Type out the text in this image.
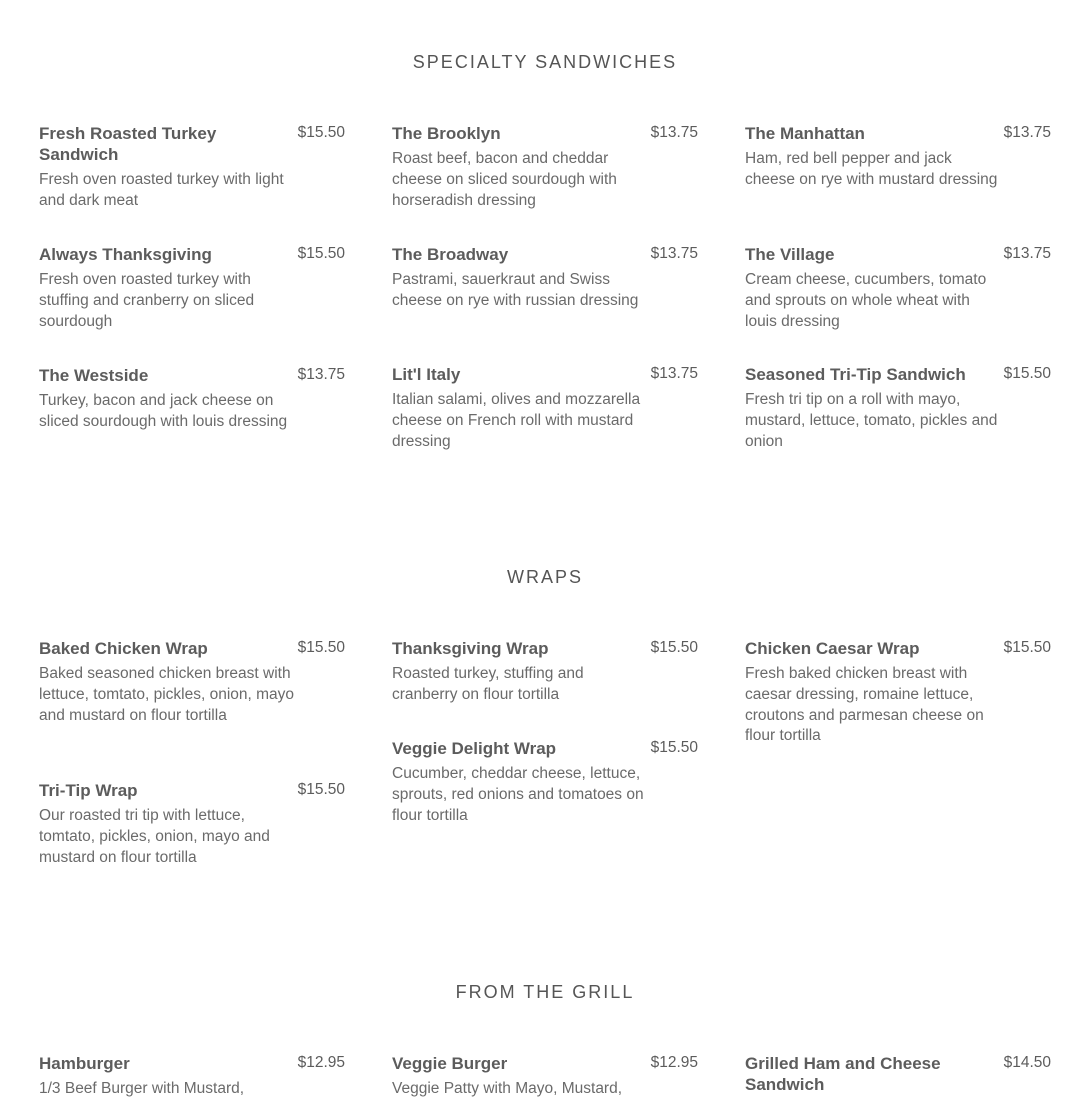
SPECIALTY SANDWICHES
Fresh Roasted Turkey Sandwich
$15.50
Fresh oven roasted turkey with light and dark meat
Always Thanksgiving	$15.50
Fresh oven roasted turkey with stuffing and cranberry on sliced sourdough
The Westside	$13.75
Turkey, bacon and jack cheese on sliced sourdough with louis dressing
The Brooklyn	$13.75
Roast beef, bacon and cheddar cheese on sliced sourdough with horseradish dressing
The Broadway	$13.75
Pastrami, sauerkraut and Swiss cheese on rye with russian dressing
Lit'l Italy	$13.75
Italian salami, olives and mozzarella cheese on French roll with mustard dressing
The Manhattan	$13.75
Ham, red bell pepper and jack cheese on rye with mustard dressing
The Village	$13.75
Cream cheese, cucumbers, tomato and sprouts on whole wheat with louis dressing
Seasoned Tri-Tip Sandwich	$15.50
Fresh tri tip on a roll with mayo, mustard, lettuce, tomato, pickles and onion
WRAPS
Baked Chicken Wrap	$15.50
Baked seasoned chicken breast with lettuce, tomtato, pickles, onion, mayo and mustard on flour tortilla
Tri-Tip Wrap	$15.50
Our roasted tri tip with lettuce, tomtato, pickles, onion, mayo and mustard on flour tortilla
Thanksgiving Wrap	$15.50
Roasted turkey, stuffing and cranberry on flour tortilla
Veggie Delight Wrap	$15.50
Cucumber, cheddar cheese, lettuce, sprouts, red onions and tomatoes on flour tortilla
Chicken Caesar Wrap	$15.50
Fresh baked chicken breast with caesar dressing, romaine lettuce, croutons and parmesan cheese on flour tortilla
FROM THE GRILL
Hamburger	$12.95
1/3 Beef Burger with Mustard,
Veggie Burger	$12.95
Veggie Patty with Mayo, Mustard,
Grilled Ham and Cheese Sandwich
$14.50
